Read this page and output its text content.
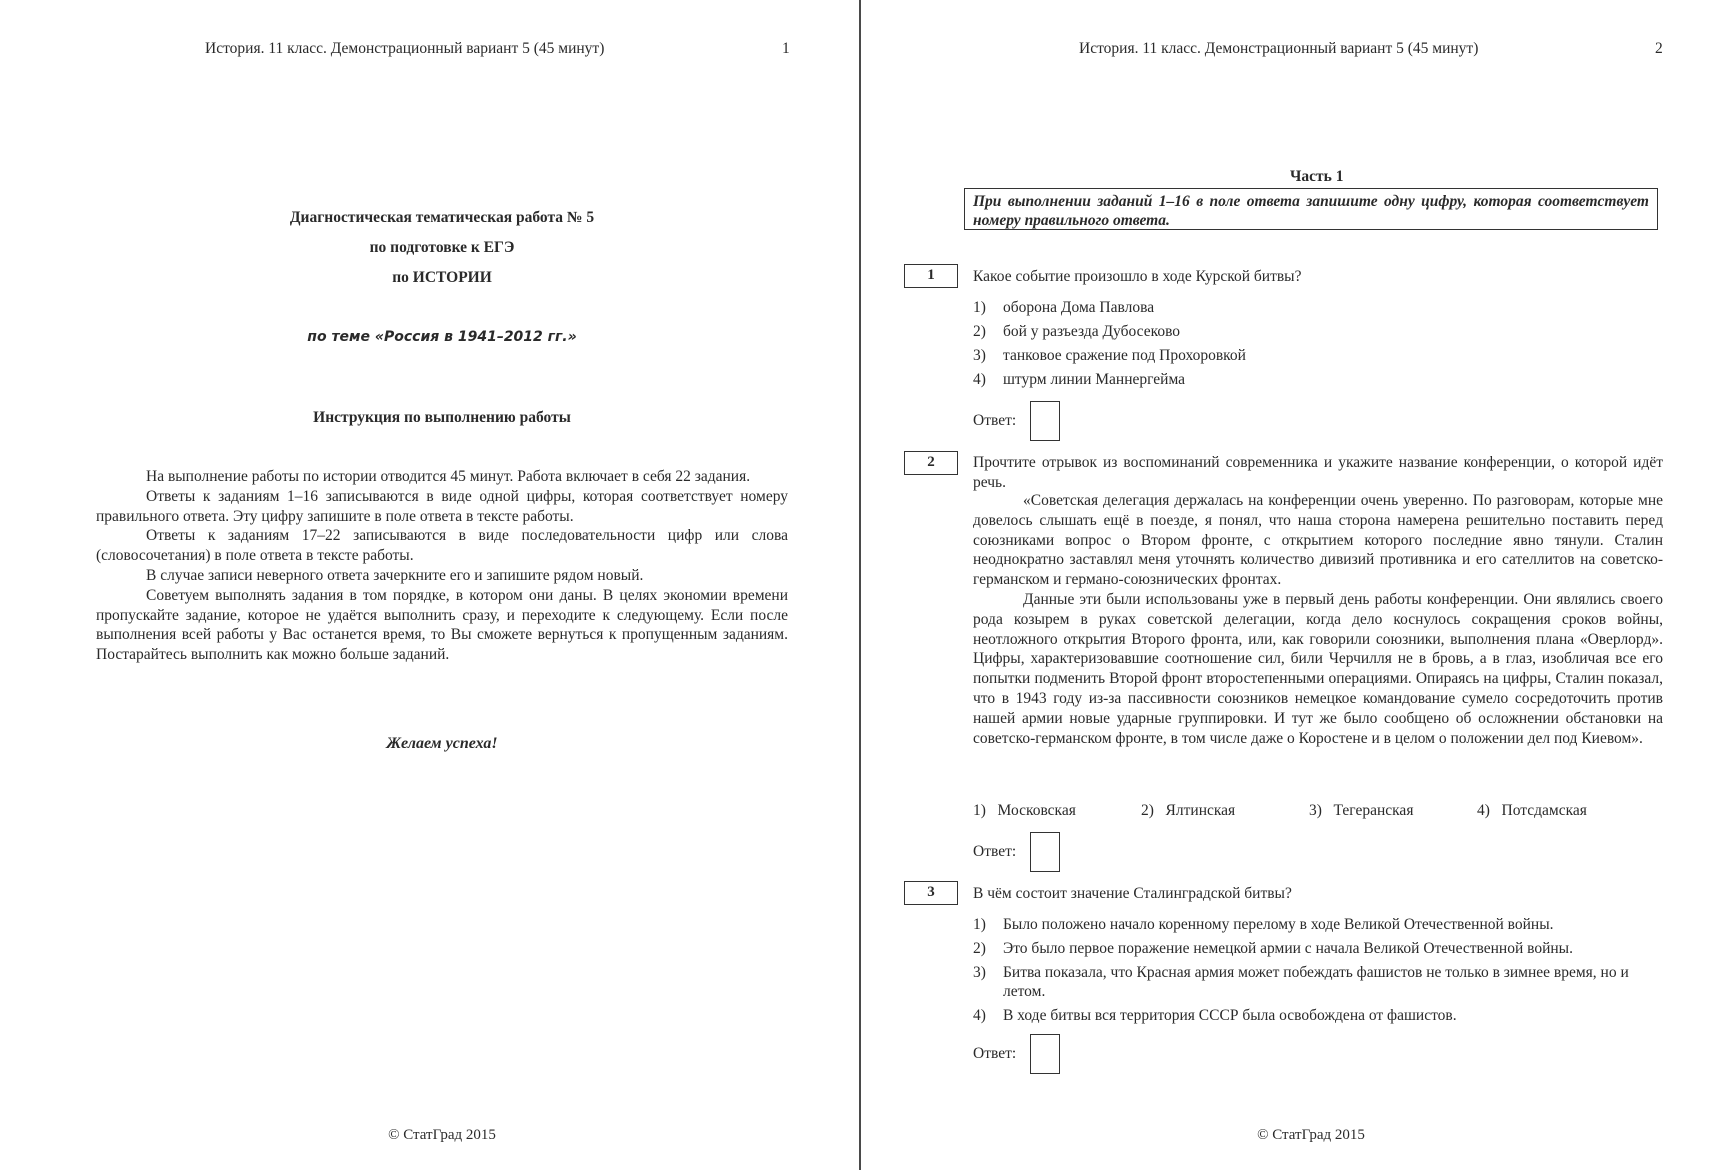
История. 11 класс. Демонстрационный вариант 5 (45 минут)	1
Диагностическая тематическая работа № 5
по подготовке к ЕГЭ
по ИСТОРИИ
по теме «Россия в 1941–2012 гг.»
Инструкция по выполнению работы

На выполнение работы по истории отводится 45 минут. Работа включает в себя 22 задания.

Ответы к заданиям 1–16 записываются в виде одной цифры, которая соответствует номеру правильного ответа. Эту цифру запишите в поле ответа в тексте работы.

Ответы к заданиям 17–22 записываются в виде последовательности цифр или слова (словосочетания) в поле ответа в тексте работы.

В случае записи неверного ответа зачеркните его и запишите рядом новый.

Советуем выполнять задания в том порядке, в котором они даны. В целях экономии времени пропускайте задание, которое не удаётся выполнить сразу, и переходите к следующему. Если после выполнения всей работы у Вас останется время, то Вы сможете вернуться к пропущенным заданиям. Постарайтесь выполнить как можно больше заданий.

Желаем успеха!
© СтатГрад 2015
История. 11 класс. Демонстрационный вариант 5 (45 минут)	2
Часть 1
При выполнении заданий 1–16 в поле ответа запишите одну цифру, которая соответствует номеру правильного ответа.
1	Какое событие произошло в ходе Курской битвы?
1)	оборона Дома Павлова
2)	бой у разъезда Дубосеково
3)	танковое сражение под Прохоровкой
4)	штурм линии Маннергейма
Ответ:
2	Прочтите отрывок из воспоминаний современника и укажите название конференции, о которой идёт речь.

«Советская делегация держалась на конференции очень уверенно. По разговорам, которые мне довелось слышать ещё в поезде, я понял, что наша сторона намерена решительно поставить перед союзниками вопрос о Втором фронте, с открытием которого последние явно тянули. Сталин неоднократно заставлял меня уточнять количество дивизий противника и его сателлитов на советско-германском и германо-союзнических фронтах.

Данные эти были использованы уже в первый день работы конференции. Они являлись своего рода козырем в руках советской делегации, когда дело коснулось сокращения сроков войны, неотложного открытия Второго фронта, или, как говорили союзники, выполнения плана «Оверлорд». Цифры, характеризовавшие соотношение сил, били Черчилля не в бровь, а в глаз, изобличая все его попытки подменить Второй фронт второстепенными операциями. Опираясь на цифры, Сталин показал, что в 1943 году из-за пассивности союзников немецкое командование сумело сосредоточить против нашей армии новые ударные группировки. И тут же было сообщено об осложнении обстановки на советско-германском фронте, в том числе даже о Коростене и в целом о положении дел под Киевом».

1) Московская	2) Ялтинская	3) Тегеранская	4) Потсдамская
Ответ:
3	В чём состоит значение Сталинградской битвы?
1)	Было положено начало коренному перелому в ходе Великой Отечественной войны.
2)	Это было первое поражение немецкой армии с начала Великой Отечественной войны.
3)	Битва показала, что Красная армия может побеждать фашистов не только в зимнее время, но и летом.
4)	В ходе битвы вся территория СССР была освобождена от фашистов.
Ответ:
© СтатГрад 2015
